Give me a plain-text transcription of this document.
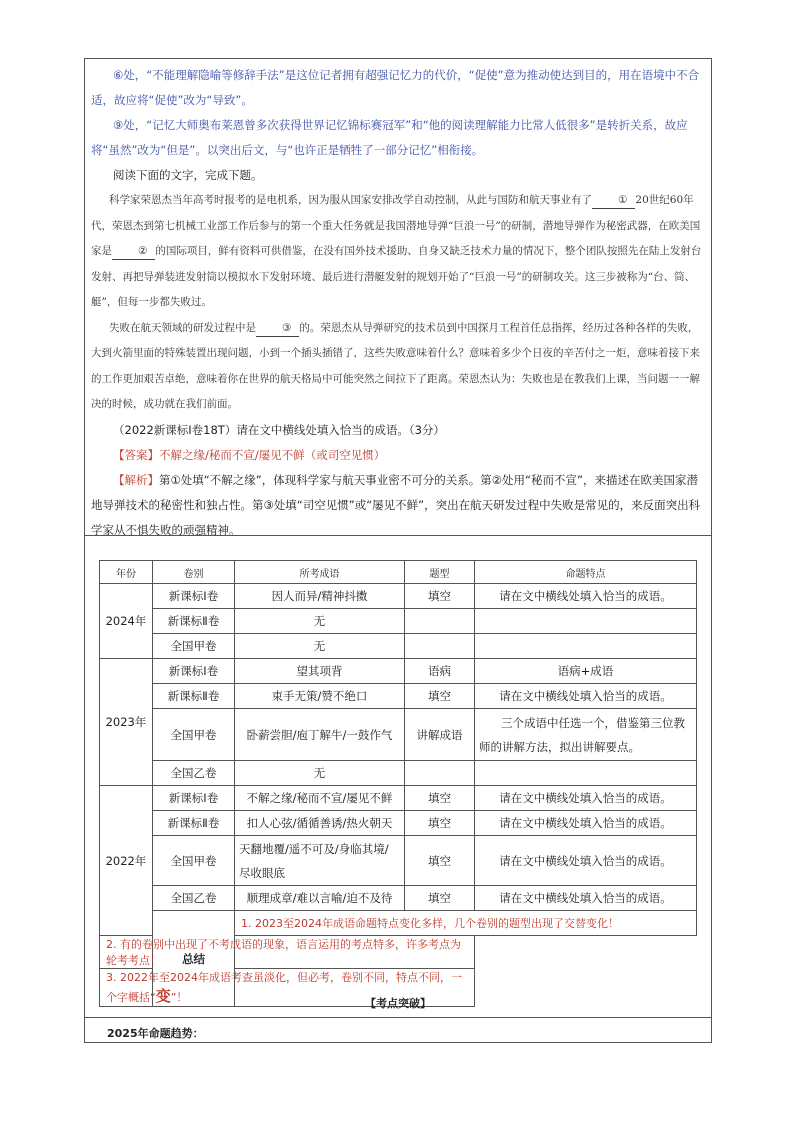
⑥处，“不能理解隐喻等修辞手法”是这位记者拥有超强记忆力的代价，“促使”意为推动使达到目的，用在语境中不合适，故应将“促使”改为“导致”。

⑨处，“记忆大师奥布莱恩曾多次获得世界记忆锦标赛冠军”和“他的阅读理解能力比常人低很多”是转折关系，故应将“虽然”改为“但是”。以突出后文，与“也许正是牺牲了一部分记忆”相衔接。

阅读下面的文字，完成下题。

科学家荣恩杰当年高考时报考的是电机系，因为服从国家安排改学自动控制，从此与国防和航天事业有了 ① 20世纪60年代，荣恩杰到第七机械工业部工作后参与的第一个重大任务就是我国潜地导弹“巨浪一号”的研制，潜地导弹作为秘密武器，在欧美国家是 ② 的国际项目，鲜有资料可供借鉴，在没有国外技术援助、自身又缺乏技术力量的情况下，整个团队按照先在陆上发射台发射、再把导弹装进发射筒以模拟水下发射环境、最后进行潜艇发射的规划开始了“巨浪一号”的研制攻关。这三步被称为“台、筒、艇”，但每一步都失败过。

失败在航天领域的研发过程中是 ③ 的。荣恩杰从导弹研究的技术员到中国探月工程首任总指挥，经历过各种各样的失败，大到火箭里面的特殊装置出现问题，小到一个插头插错了，这些失败意味着什么？意味着多少个日夜的辛苦付之一炬，意味着接下来的工作更加艰苦卓绝，意味着你在世界的航天格局中可能突然之间拉下了距离。荣恩杰认为：失败也是在教我们上课，当问题一一解决的时候，成功就在我们前面。

（2022新课标Ⅰ卷18T）请在文中横线处填入恰当的成语。（3分）

【答案】不解之缘/秘而不宣/屡见不鲜（或司空见惯）

【解析】第①处填“不解之缘”，体现科学家与航天事业密不可分的关系。第②处用“秘而不宣”，来描述在欧美国家潜地导弹技术的秘密性和独占性。第③处填“司空见惯”或“屡见不鲜”，突出在航天研发过程中失败是常见的，来反面突出科学家从不惧失败的顽强精神。

年份	卷别	所考成语	题型	命题特点
2024年	新课标Ⅰ卷	因人而异/精神抖擞	填空	请在文中横线处填入恰当的成语。
	新课标Ⅱ卷	无		
	全国甲卷	无		
2023年	新课标Ⅰ卷	望其项背	语病	语病+成语
	新课标Ⅱ卷	束手无策/赞不绝口	填空	请在文中横线处填入恰当的成语。
	全国甲卷	卧薪尝胆/庖丁解牛/一鼓作气	讲解成语	三个成语中任选一个，借鉴第三位教师的讲解方法，拟出讲解要点。
	全国乙卷	无		
2022年	新课标Ⅰ卷	不解之缘/秘而不宣/屡见不鲜	填空	请在文中横线处填入恰当的成语。
	新课标Ⅱ卷	扣人心弦/循循善诱/热火朝天	填空	请在文中横线处填入恰当的成语。
	全国甲卷	天翻地覆/遥不可及/身临其境/尽收眼底	填空	请在文中横线处填入恰当的成语。
	全国乙卷	顺理成章/难以言喻/迫不及待	填空	请在文中横线处填入恰当的成语。
	总结	1. 2023至2024年成语命题特点变化多样，几个卷别的题型出现了交替变化！		
2. 有的卷别中出现了不考成语的现象，语言运用的考点特多，许多考点为轮考考点！				
3. 2022年至2024年成语考查虽淡化，但必考，卷别不同，特点不同，一个字概括“变”！					【考点突破】
2025年命题趋势：
